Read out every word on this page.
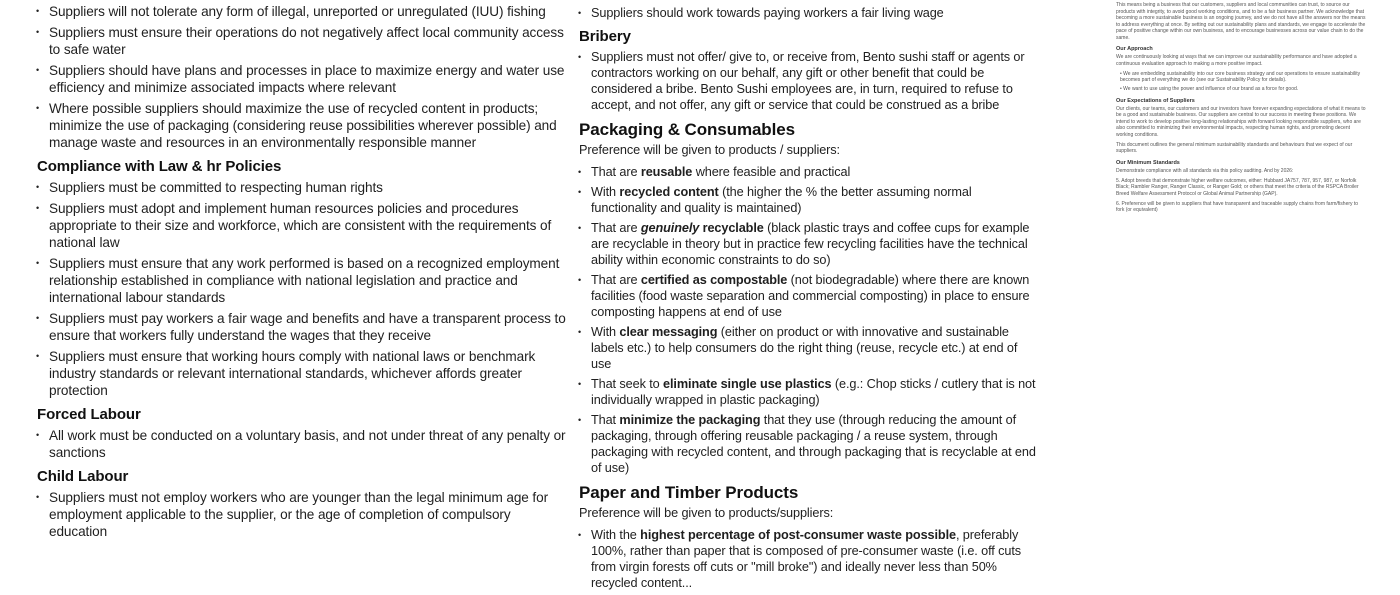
• Suppliers will not tolerate any form of illegal, unreported or unregulated (IUU) fishing
• Suppliers must ensure their operations do not negatively affect local community access to safe water
• Suppliers should have plans and processes in place to maximize energy and water use efficiency and minimize associated impacts where relevant
• Where possible suppliers should maximize the use of recycled content in products; minimize the use of packaging (considering reuse possibilities wherever possible) and manage waste and resources in an environmentally responsible manner
Compliance with Law & hr Policies
• Suppliers must be committed to respecting human rights
• Suppliers must adopt and implement human resources policies and procedures appropriate to their size and workforce, which are consistent with the requirements of national law
• Suppliers must ensure that any work performed is based on a recognized employment relationship established in compliance with national legislation and practice and international labour standards
• Suppliers must pay workers a fair wage and benefits and have a transparent process to ensure that workers fully understand the wages that they receive
• Suppliers must ensure that working hours comply with national laws or benchmark industry standards or relevant international standards, whichever affords greater protection
Forced Labour
• All work must be conducted on a voluntary basis, and not under threat of any penalty or sanctions
Child Labour
• Suppliers must not employ workers who are younger than the legal minimum age for employment applicable to the supplier, or the age of completion of compulsory education
• Suppliers should work towards paying workers a fair living wage
Bribery
• Suppliers must not offer/ give to, or receive from, Bento sushi staff or agents or contractors working on our behalf, any gift or other benefit that could be considered a bribe. Bento Sushi employees are, in turn, required to refuse to accept, and not offer, any gift or service that could be construed as a bribe
Packaging & Consumables
Preference will be given to products / suppliers:
• That are reusable where feasible and practical
• With recycled content (the higher the % the better assuming normal functionality and quality is maintained)
• That are genuinely recyclable (black plastic trays and coffee cups for example are recyclable in theory but in practice few recycling facilities have the technical ability within economic constraints to do so)
• That are certified as compostable (not biodegradable) where there are known facilities (food waste separation and commercial composting) in place to ensure composting happens at end of use
• With clear messaging (either on product or with innovative and sustainable labels etc.) to help consumers do the right thing (reuse, recycle etc.) at end of use
• That seek to eliminate single use plastics (e.g.: Chop sticks / cutlery that is not individually wrapped in plastic packaging)
• That minimize the packaging that they use (through reducing the amount of packaging, through offering reusable packaging / a reuse system, through packaging with recycled content, and through packaging that is recyclable at end of use)
Paper and Timber Products
Preference will be given to products/suppliers:
• With the highest percentage of post-consumer waste possible, preferably 100%, rather than paper that is composed of pre-consumer waste (i.e. off cuts from virgin forests off cuts or "mill broke") and ideally never less than 50% recycled content...
This means being a business that our customers, suppliers and local communities can trust, to source our products with integrity, to avoid good working conditions, and to be a fair business partner. We acknowledge that becoming a more sustainable business is an ongoing journey, and we do not have all the answers nor the means to address everything at once. By setting out our sustainability plans and standards, we engage to accelerate the pace of positive change within our own business, and to encourage businesses across our value chain to do the same.
Our Approach
We are continuously looking at ways that we can improve our sustainability performance and have adopted a continuous evaluation approach to making a more positive impact.
• We are embedding sustainability into our core business strategy and our operations to ensure sustainability becomes part of everything we do (see our Sustainability Policy for details).
• We want to use using the power and influence of our brand as a force for good.
Our Expectations of Suppliers
Our clients, our teams, our customers and our investors have forever expanding expectations of what it means to be a good and sustainable business. Our suppliers are central to our success in meeting these positions. We intend to work to develop positive long-lasting relationships with forward looking responsible suppliers, who are also committed to minimizing their environmental impacts, respecting human rights, and promoting decent working conditions.
This document outlines the general minimum sustainability standards and behaviours that we expect of our suppliers.
Our Minimum Standards
Demonstrate compliance with all standards via this policy auditing. And by 2026:
5. Adopt breeds that demonstrate higher welfare outcomes, either: Hubbard JA757, 787, 957, 987, or Norfolk Black; Rambler Ranger, Ranger Classic, or Ranger Gold; or others that meet the criteria of the RSPCA Broiler Breed Welfare Assessment Protocol or Global Animal Partnership (GAP).
6. Preference will be given to suppliers that have transparent and traceable supply chains from farm/fishery to fork (or equivalent)
